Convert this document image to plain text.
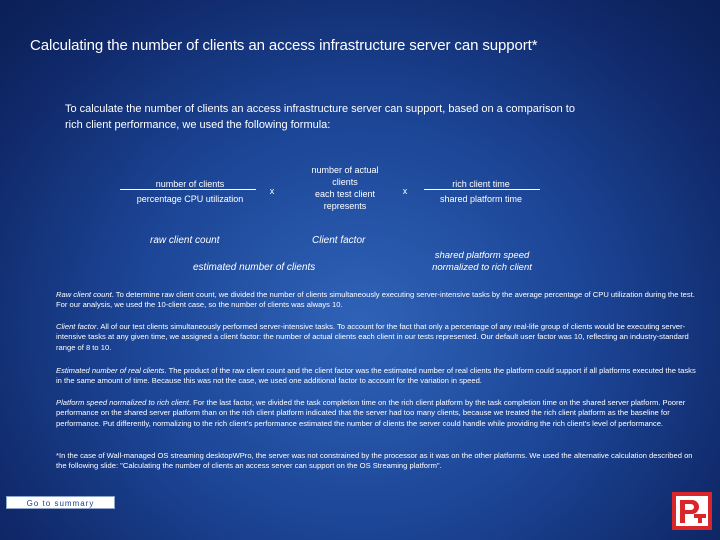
Calculating the number of clients an access infrastructure server can support*
To calculate the number of clients an access infrastructure server can support, based on a comparison to rich client performance, we used the following formula:
number of clients
percentage CPU utilization
x
number of actual
clients
each test client
represents
x
rich client time
shared platform time
raw client count	Client factor
estimated number of clients
shared platform speed
normalized to rich client
Raw client count. To determine raw client count, we divided the number of clients simultaneously executing server-intensive tasks by the average percentage of CPU utilization during the test. For our analysis, we used the 10-client case, so the number of clients was always 10.
Client factor. All of our test clients simultaneously performed server-intensive tasks. To account for the fact that only a percentage of any real-life group of clients would be executing server-intensive tasks at any given time, we assigned a client factor: the number of actual clients each client in our tests represented. Our default user factor was 10, reflecting an industry-standard range of 8 to 10.
Estimated number of real clients. The product of the raw client count and the client factor was the estimated number of real clients the platform could support if all platforms executed the tasks in the same amount of time. Because this was not the case, we used one additional factor to account for the variation in speed.
Platform speed normalized to rich client. For the last factor, we divided the task completion time on the rich client platform by the task completion time on the shared server platform. Poorer performance on the shared server platform than on the rich client platform indicated that the server had too many clients, because we treated the rich client platform as the baseline for performance. Put differently, normalizing to the rich client's performance estimated the number of clients the server could handle while providing the rich client's level of performance.
*In the case of Wall-managed OS streaming desktopWPro, the server was not constrained by the processor as it was on the other platforms. We used the alternative calculation described on the following slide: "Calculating the number of clients an access server can support on the OS Streaming platform".
Go to summary
